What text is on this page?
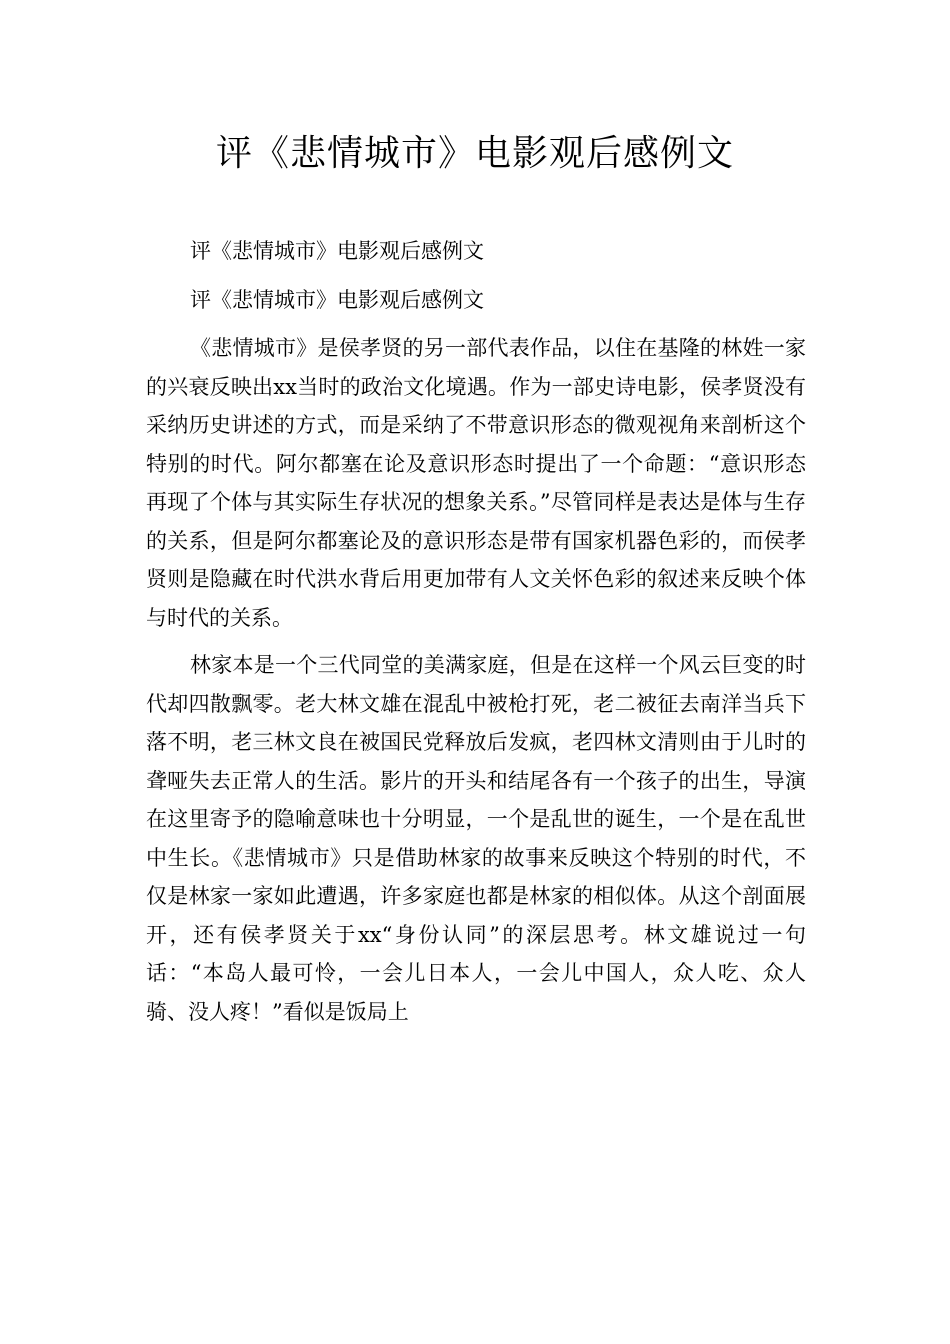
评《悲情城市》电影观后感例文

评《悲情城市》电影观后感例文

评《悲情城市》电影观后感例文

《悲情城市》是侯孝贤的另一部代表作品，以住在基隆的林姓一家的兴衰反映出xx当时的政治文化境遇。作为一部史诗电影，侯孝贤没有采纳历史讲述的方式，而是采纳了不带意识形态的微观视角来剖析这个特别的时代。阿尔都塞在论及意识形态时提出了一个命题：“意识形态再现了个体与其实际生存状况的想象关系。”尽管同样是表达是体与生存的关系，但是阿尔都塞论及的意识形态是带有国家机器色彩的，而侯孝贤则是隐藏在时代洪水背后用更加带有人文关怀色彩的叙述来反映个体与时代的关系。

林家本是一个三代同堂的美满家庭，但是在这样一个风云巨变的时代却四散飘零。老大林文雄在混乱中被枪打死，老二被征去南洋当兵下落不明，老三林文良在被国民党释放后发疯，老四林文清则由于儿时的聋哑失去正常人的生活。影片的开头和结尾各有一个孩子的出生，导演在这里寄予的隐喻意味也十分明显，一个是乱世的诞生，一个是在乱世中生长。《悲情城市》只是借助林家的故事来反映这个特别的时代，不仅是林家一家如此遭遇，许多家庭也都是林家的相似体。从这个剖面展开，还有侯孝贤关于xx“身份认同”的深层思考。林文雄说过一句话：“本岛人最可怜，一会儿日本人，一会儿中国人，众人吃、众人骑、没人疼！”看似是饭局上
